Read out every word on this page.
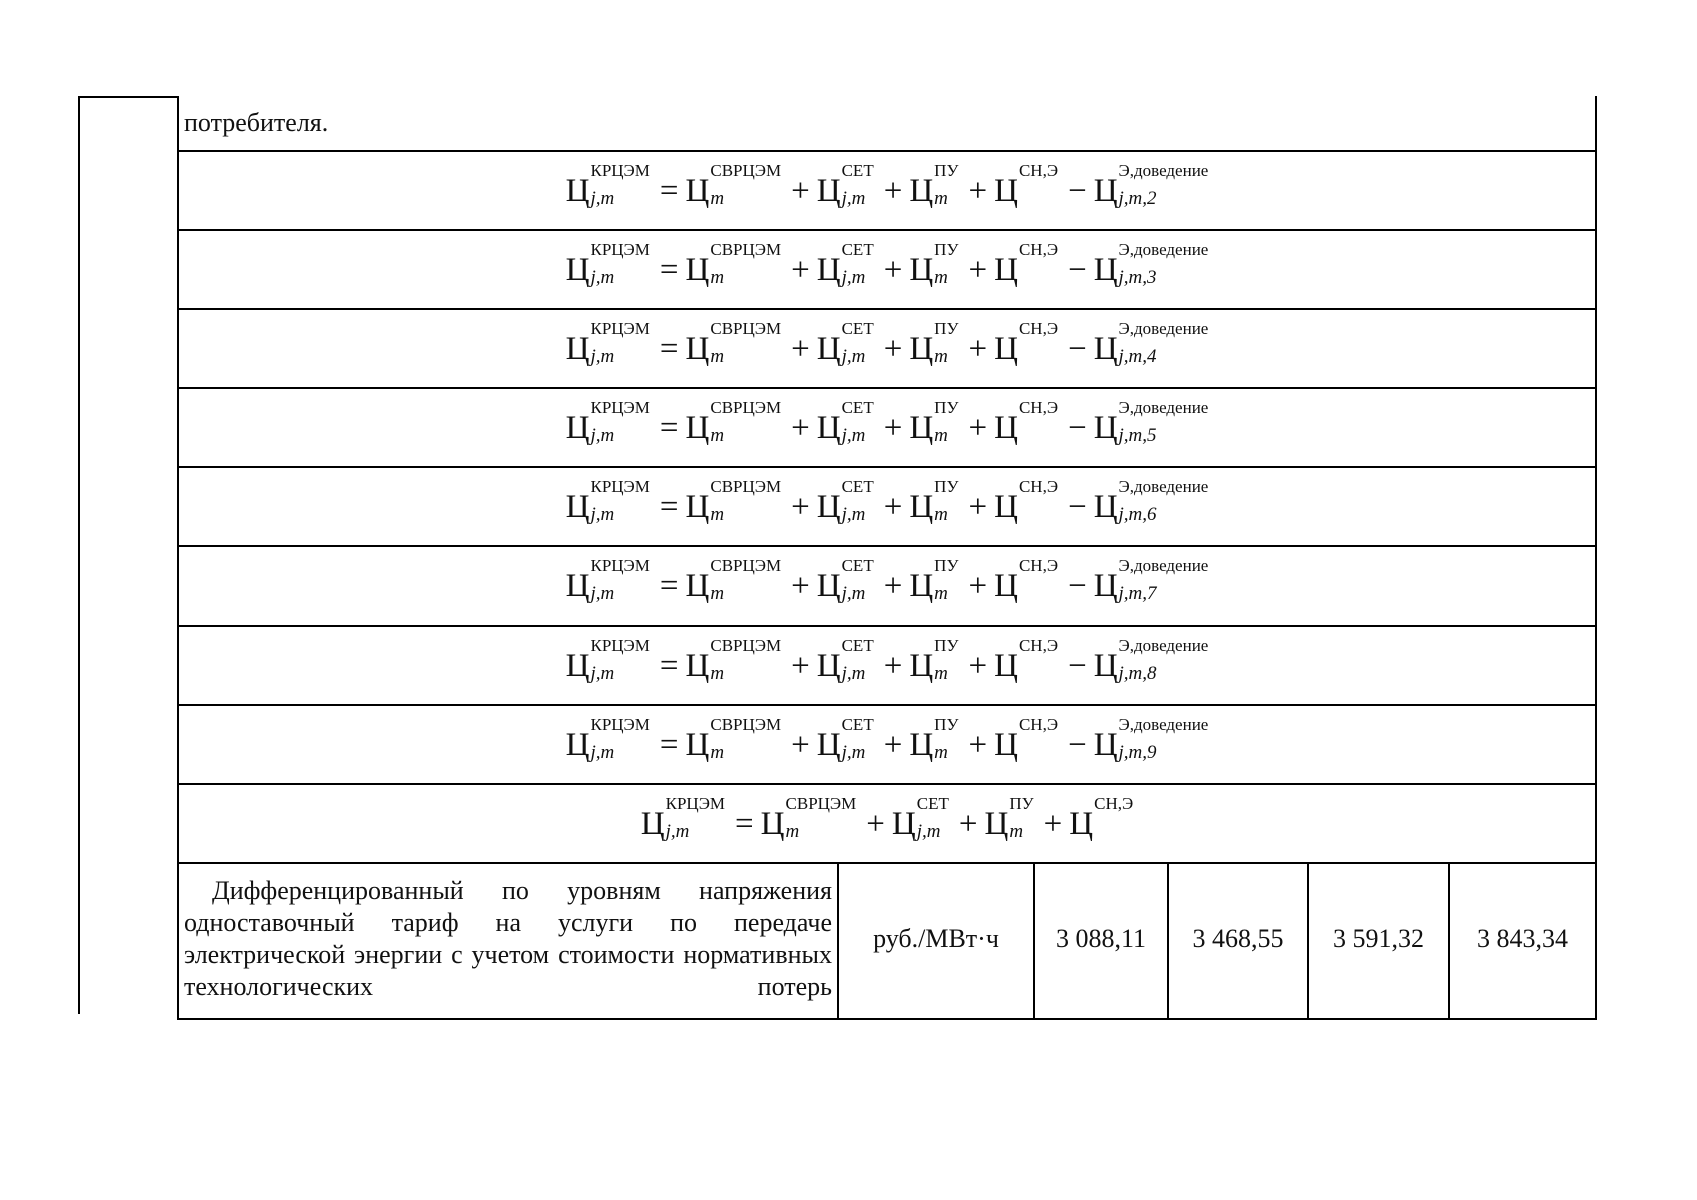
потребителя.
Ц
КРЦЭМ
j,m	= Ц
СВРЦЭМ
m	+ Ц
СЕТ
j,m + Ц
ПУ
m + Ц
СН,Э
− Ц
Э,доведение
j,m,2
Ц
КРЦЭМ
j,m	= Ц
СВРЦЭМ
m	+ Ц
СЕТ
j,m + Ц
ПУ
m + Ц
СН,Э
− Ц
Э,доведение
j,m,3
Ц
КРЦЭМ
j,m	= Ц
СВРЦЭМ
m	+ Ц
СЕТ
j,m + Ц
ПУ
m + Ц
СН,Э
− Ц
Э,доведение
j,m,4
Ц
КРЦЭМ
j,m	= Ц
СВРЦЭМ
m	+ Ц
СЕТ
j,m + Ц
ПУ
m + Ц
СН,Э
− Ц
Э,доведение
j,m,5
Ц
КРЦЭМ
j,m	= Ц
СВРЦЭМ
m	+ Ц
СЕТ
j,m + Ц
ПУ
m + Ц
СН,Э
− Ц
Э,доведение
j,m,6
Ц
КРЦЭМ
j,m	= Ц
СВРЦЭМ
m	+ Ц
СЕТ
j,m + Ц
ПУ
m + Ц
СН,Э
− Ц
Э,доведение
j,m,7
Ц
КРЦЭМ
j,m	= Ц
СВРЦЭМ
m	+ Ц
СЕТ
j,m + Ц
ПУ
m + Ц
СН,Э
− Ц
Э,доведение
j,m,8
Ц
КРЦЭМ
j,m	= Ц
СВРЦЭМ
m	+ Ц
СЕТ
j,m + Ц
ПУ
m + Ц
СН,Э
− Ц
Э,доведение
j,m,9
Ц
КРЦЭМ
j,m	= Ц
СВРЦЭМ
m	+ Ц
СЕТ
j,m + Ц
ПУ
m + Ц
СН,Э
Дифференцированный по уровням напряжения одноставочный тариф на услуги по передаче электрической энергии с учетом стоимости нормативных технологических потерь
руб./МВт·ч	3 088,11	3 468,55	3 591,32	3 843,34
